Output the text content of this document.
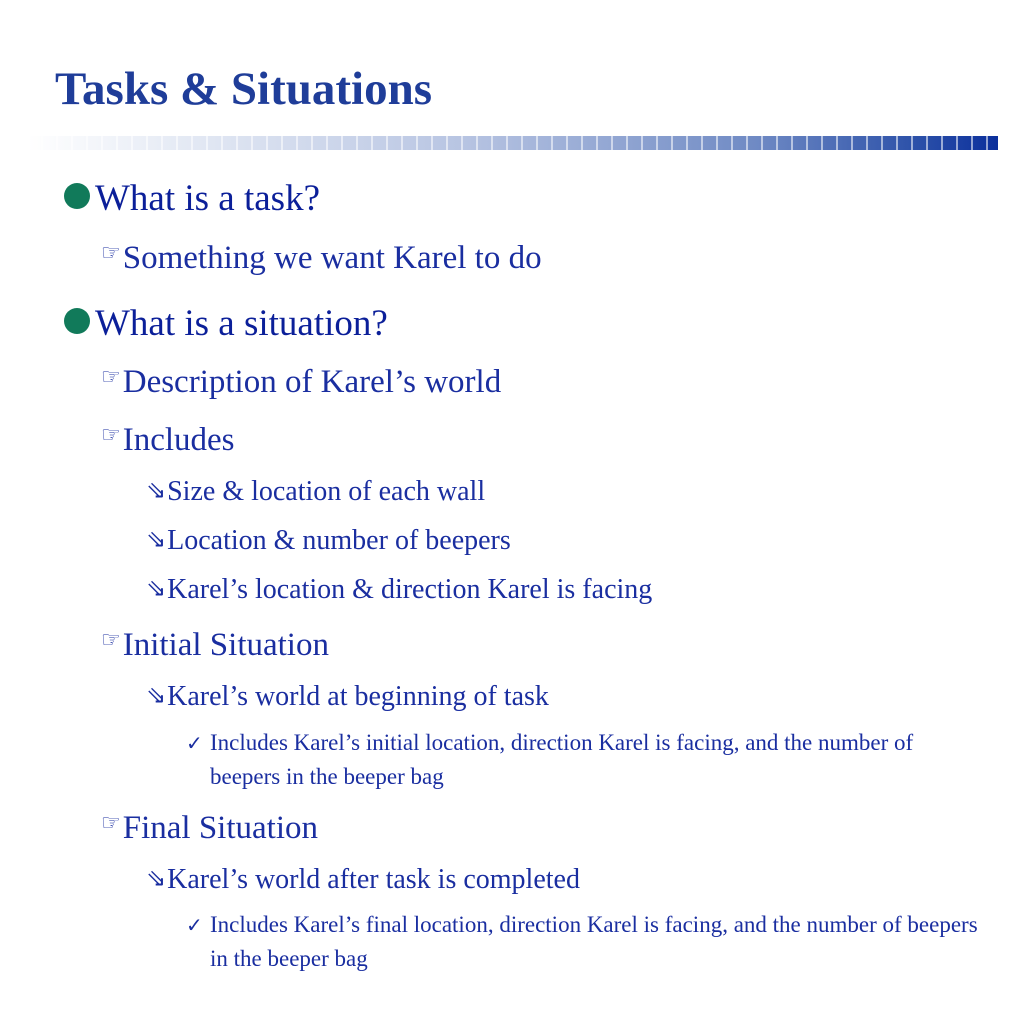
Tasks & Situations
What is a task?
☞Something we want Karel to do
What is a situation?
☞Description of Karel’s world
☞Includes
⇘Size & location of each wall
⇘Location & number of beepers
⇘Karel’s location & direction Karel is facing
☞Initial Situation
⇘Karel’s world at beginning of task
✓ Includes Karel’s initial location, direction Karel is facing, and the number of beepers in the beeper bag
☞Final Situation
⇘Karel’s world after task is completed
✓ Includes Karel’s final location, direction Karel is facing, and the number of beepers in the beeper bag
